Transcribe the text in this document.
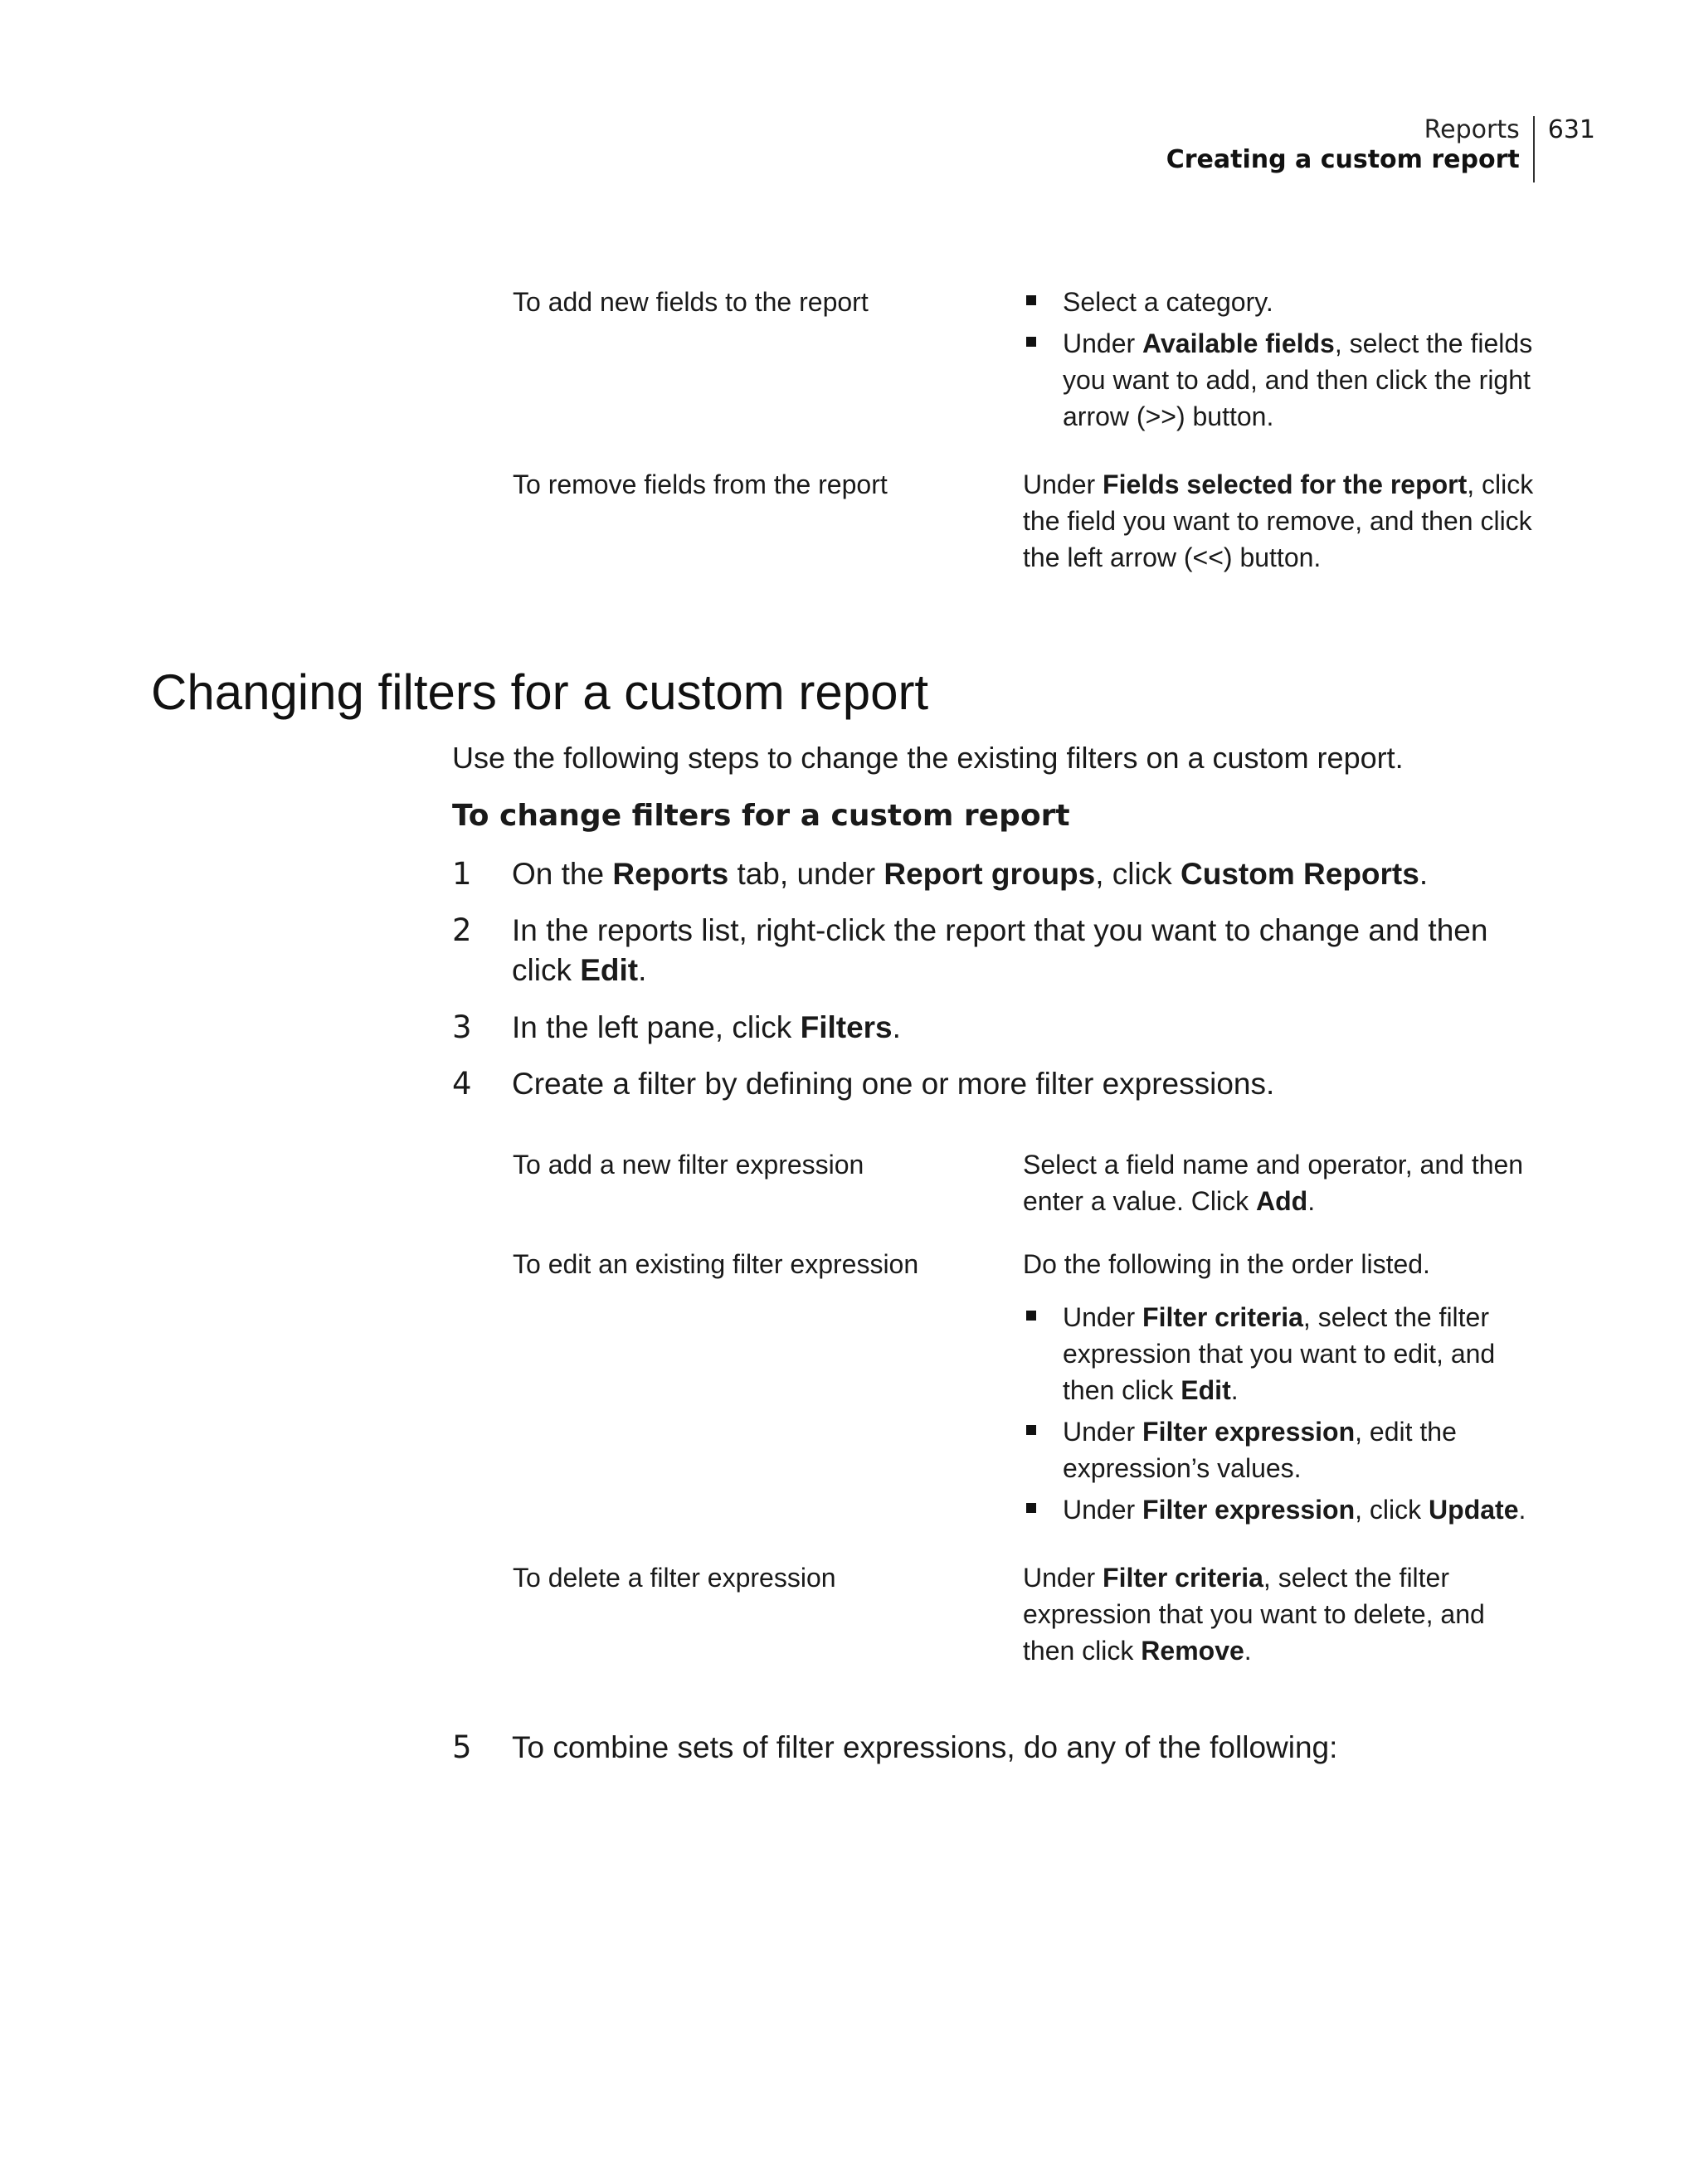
Reports
Creating a custom report
631
To add new fields to the report	Select a category.
Under Available fields, select the fields you want to add, and then click the right arrow (>>) button.
To remove fields from the report	Under Fields selected for the report, click the field you want to remove, and then click the left arrow (<<) button.
Changing filters for a custom report
Use the following steps to change the existing filters on a custom report.
To change filters for a custom report
1 On the Reports tab, under Report groups, click Custom Reports.
2 In the reports list, right-click the report that you want to change and then click Edit.
3 In the left pane, click Filters.
4 Create a filter by defining one or more filter expressions.
To add a new filter expression	Select a field name and operator, and then enter a value. Click Add.
To edit an existing filter expression	Do the following in the order listed.

Under Filter criteria, select the filter expression that you want to edit, and then click Edit.
Under Filter expression, edit the expression’s values.
Under Filter expression, click Update.
To delete a filter expression	Under Filter criteria, select the filter expression that you want to delete, and then click Remove.
5 To combine sets of filter expressions, do any of the following:
